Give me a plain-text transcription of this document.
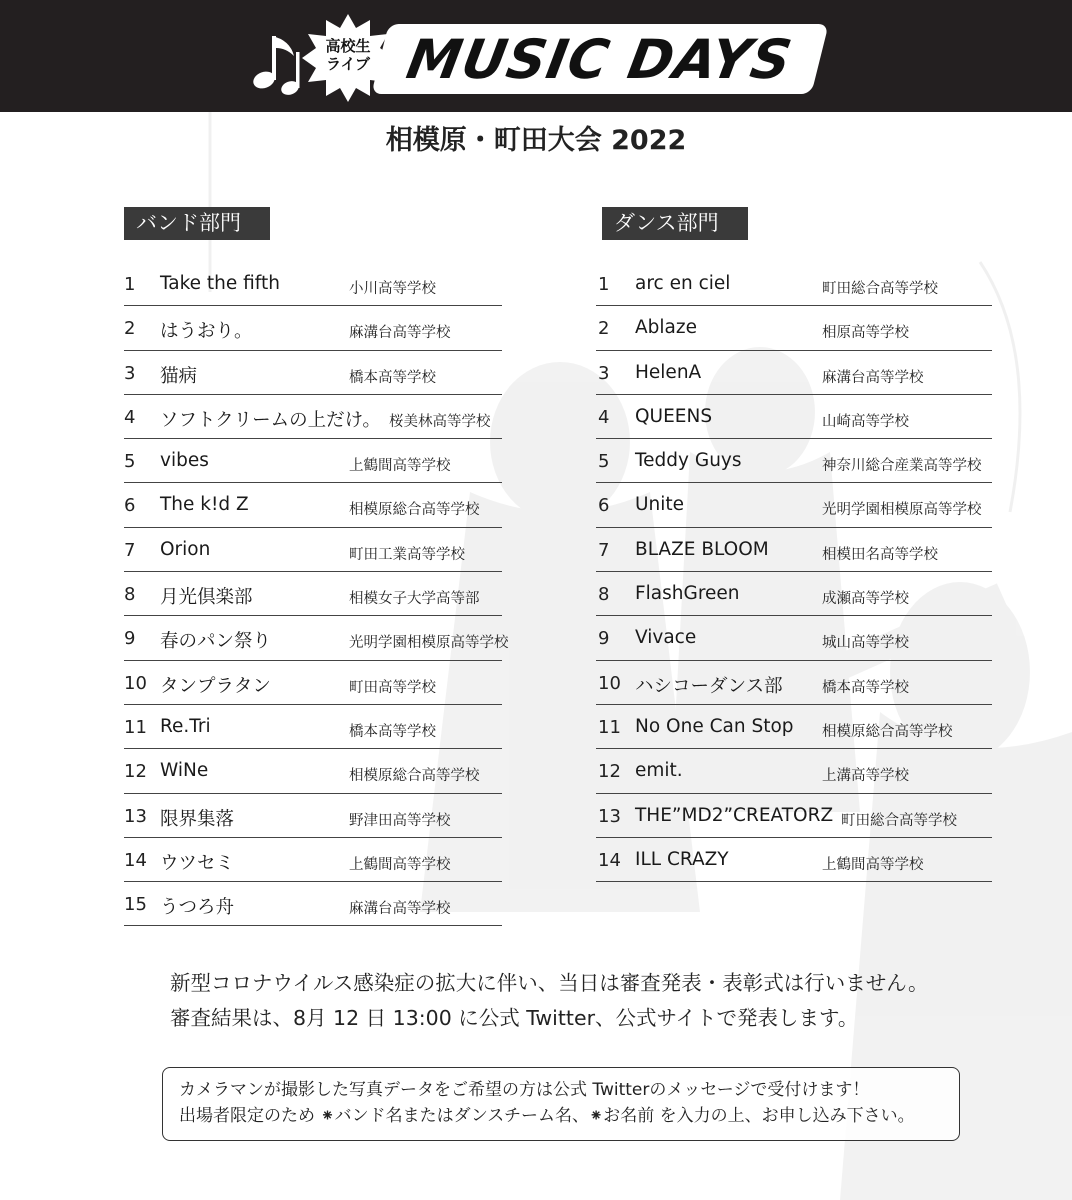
高校生
ライブ MUSIC DAYS
相模原・町田大会 2022
バンド部門	ダンス部門
1 Take the fifth	小川高等学校
2 はうおり。	麻溝台高等学校
3 猫病	橋本高等学校
4 ソフトクリームの上だけ。 桜美林高等学校
5 vibes	上鶴間高等学校
6 The k!d Z	相模原総合高等学校
7 Orion	町田工業高等学校
8 月光倶楽部	相模女子大学高等部
9 春のパン祭り	光明学園相模原高等学校
10 タンプラタン	町田高等学校
11 Re.Tri	橋本高等学校
12 WiNe	相模原総合高等学校
13 限界集落	野津田高等学校
14 ウツセミ	上鶴間高等学校
15 うつろ舟	麻溝台高等学校
1 arc en ciel	町田総合高等学校
2 Ablaze	相原高等学校
3 HelenA	麻溝台高等学校
4 QUEENS	山崎高等学校
5 Teddy Guys	神奈川総合産業高等学校
6 Unite	光明学園相模原高等学校
7 BLAZE BLOOM	相模田名高等学校
8 FlashGreen	成瀬高等学校
9 Vivace	城山高等学校
10 ハシコーダンス部	橋本高等学校
11 No One Can Stop 相模原総合高等学校
12 emit.	上溝高等学校
13 THE”MD2”CREATORZ 町田総合高等学校
14 ILL CRAZY	上鶴間高等学校
新型コロナウイルス感染症の拡大に伴い、当日は審査発表・表彰式は行いません。
審査結果は、8月 12 日 13:00 に公式 Twitter、公式サイトで発表します。
カメラマンが撮影した写真データをご希望の方は公式 Twitterのメッセージで受付けます！
出場者限定のため ⁕バンド名またはダンスチーム名、⁕お名前 を入力の上、お申し込み下さい。
